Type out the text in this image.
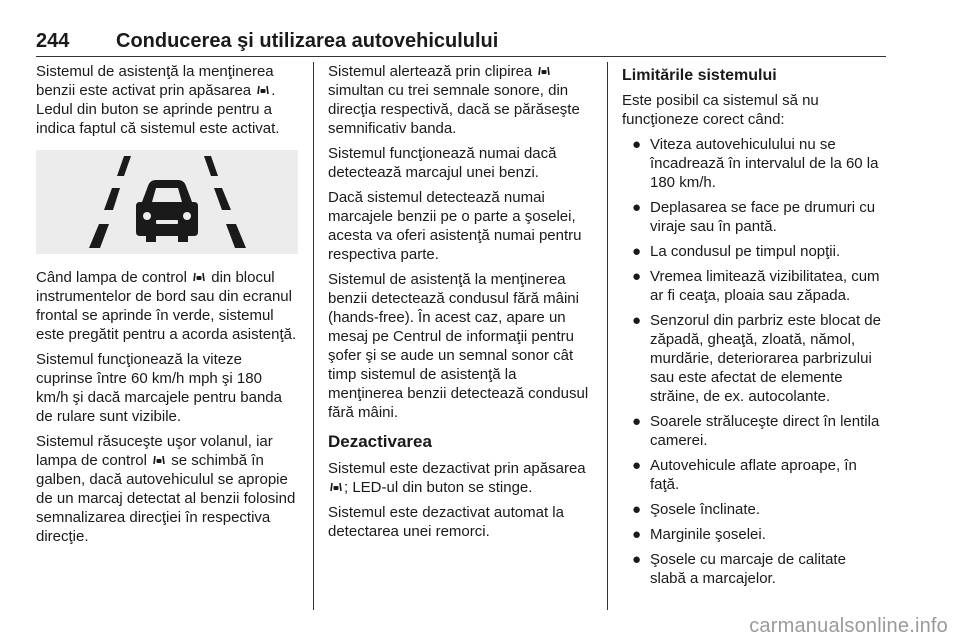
244	Conducerea şi utilizarea autovehiculului

Sistemul de asistenţă la menţinerea benzii este activat prin apăsarea . Ledul din buton se aprinde pentru a indica faptul că sistemul este activat.

Când lampa de control  din blocul instrumentelor de bord sau din ecranul frontal se aprinde în verde, sistemul este pregătit pentru a acorda asistenţă.

Sistemul funcţionează la viteze cuprinse între 60 km/h mph şi 180 km/h şi dacă marcajele pentru banda de rulare sunt vizibile.

Sistemul răsuceşte uşor volanul, iar lampa de control  se schimbă în galben, dacă autovehiculul se apropie de un marcaj detectat al benzii folosind semnalizarea direcţiei în respectiva direcţie.

Sistemul alertează prin clipirea  simultan cu trei semnale sonore, din direcţia respectivă, dacă se părăseşte semnificativ banda.

Sistemul funcţionează numai dacă detectează marcajul unei benzi.

Dacă sistemul detectează numai marcajele benzii pe o parte a şoselei, acesta va oferi asistenţă numai pentru respectiva parte.

Sistemul de asistenţă la menţinerea benzii detectează condusul fără mâini (hands-free). În acest caz, apare un mesaj pe Centrul de informaţii pentru şofer şi se aude un semnal sonor cât timp sistemul de asistenţă la menţinerea benzii detectează condusul fără mâini.

Dezactivarea

Sistemul este dezactivat prin apăsarea ; LED-ul din buton se stinge.

Sistemul este dezactivat automat la detectarea unei remorci.

Limitările sistemului

Este posibil ca sistemul să nu funcţioneze corect când:

● Viteza autovehiculului nu se încadrează în intervalul de la 60 la 180 km/h.
● Deplasarea se face pe drumuri cu viraje sau în pantă.
● La condusul pe timpul nopţii.
● Vremea limitează vizibilitatea, cum ar fi ceaţa, ploaia sau zăpada.
● Senzorul din parbriz este blocat de zăpadă, gheaţă, zloată, nămol, murdărie, deteriorarea parbrizului sau este afectat de elemente străine, de ex. autocolante.
● Soarele străluceşte direct în lentila camerei.
● Autovehicule aflate aproape, în faţă.
● Şosele înclinate.
● Marginile şoselei.
● Şosele cu marcaje de calitate slabă a marcajelor.
carmanualsonline.info
